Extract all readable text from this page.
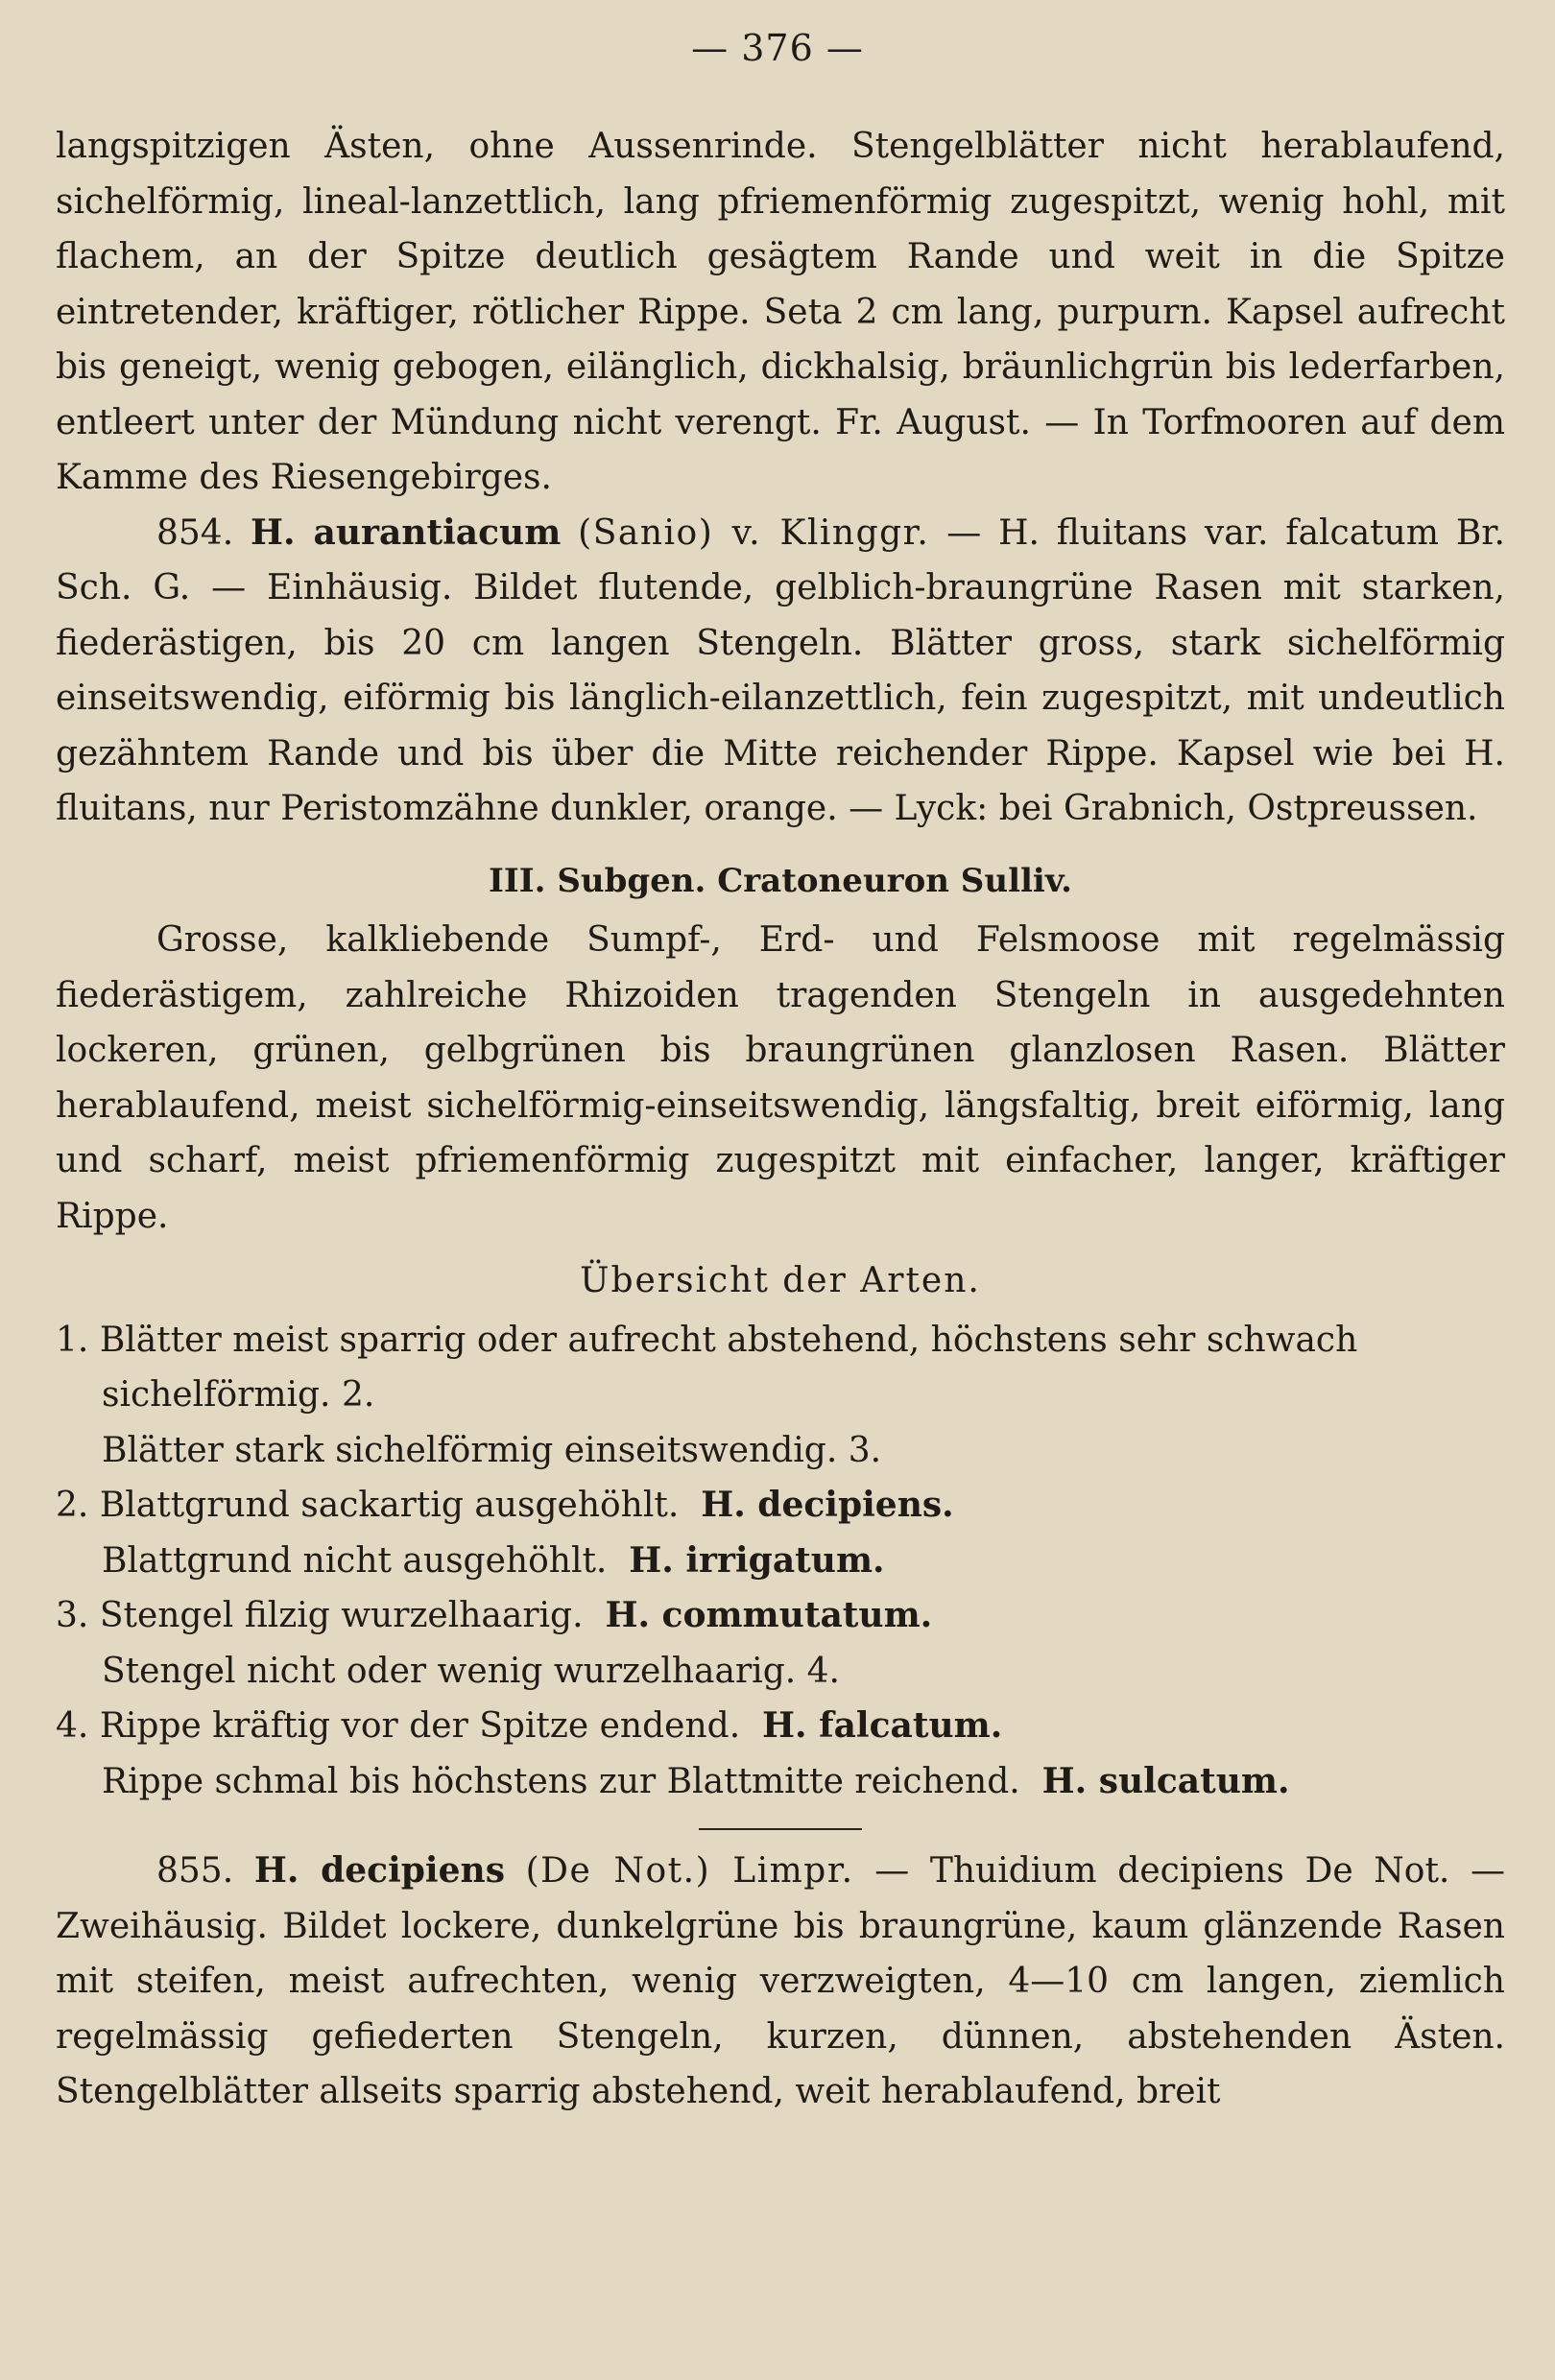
— 376 —

langspitzigen Ästen, ohne Aussenrinde. Stengelblätter nicht herablaufend, sichelförmig, lineal-lanzettlich, lang pfriemenförmig zugespitzt, wenig hohl, mit flachem, an der Spitze deutlich gesägtem Rande und weit in die Spitze eintretender, kräftiger, rötlicher Rippe. Seta 2 cm lang, purpurn. Kapsel aufrecht bis geneigt, wenig gebogen, eilänglich, dickhalsig, bräunlichgrün bis lederfarben, entleert unter der Mündung nicht verengt. Fr. August. — In Torfmooren auf dem Kamme des Riesengebirges.

854. H. aurantiacum (Sanio) v. Klinggr. — H. fluitans var. falcatum Br. Sch. G. — Einhäusig. Bildet flutende, gelblich-braungrüne Rasen mit starken, fiederästigen, bis 20 cm langen Stengeln. Blätter gross, stark sichelförmig einseitswendig, eiförmig bis länglich-eilanzettlich, fein zugespitzt, mit undeutlich gezähntem Rande und bis über die Mitte reichender Rippe. Kapsel wie bei H. fluitans, nur Peristomzähne dunkler, orange. — Lyck: bei Grabnich, Ostpreussen.

III. Subgen. Cratoneuron Sulliv.

Grosse, kalkliebende Sumpf-, Erd- und Felsmoose mit regelmässig fiederästigem, zahlreiche Rhizoiden tragenden Stengeln in ausgedehnten lockeren, grünen, gelbgrünen bis braungrünen glanzlosen Rasen. Blätter herablaufend, meist sichelförmig-einseitswendig, längsfaltig, breit eiförmig, lang und scharf, meist pfriemenförmig zugespitzt mit einfacher, langer, kräftiger Rippe.

Übersicht der Arten.
1. Blätter meist sparrig oder aufrecht abstehend, höchstens sehr schwach sichelförmig. 2.
Blätter stark sichelförmig einseitswendig. 3.
2. Blattgrund sackartig ausgehöhlt. H. decipiens.
Blattgrund nicht ausgehöhlt. H. irrigatum.
3. Stengel filzig wurzelhaarig. H. commutatum.
Stengel nicht oder wenig wurzelhaarig. 4.
4. Rippe kräftig vor der Spitze endend. H. falcatum.
Rippe schmal bis höchstens zur Blattmitte reichend. H. sulcatum.

855. H. decipiens (De Not.) Limpr. — Thuidium decipiens De Not. — Zweihäusig. Bildet lockere, dunkelgrüne bis braungrüne, kaum glänzende Rasen mit steifen, meist aufrechten, wenig verzweigten, 4—10 cm langen, ziemlich regelmässig gefiederten Stengeln, kurzen, dünnen, abstehenden Ästen. Stengelblätter allseits sparrig abstehend, weit herablaufend, breit
